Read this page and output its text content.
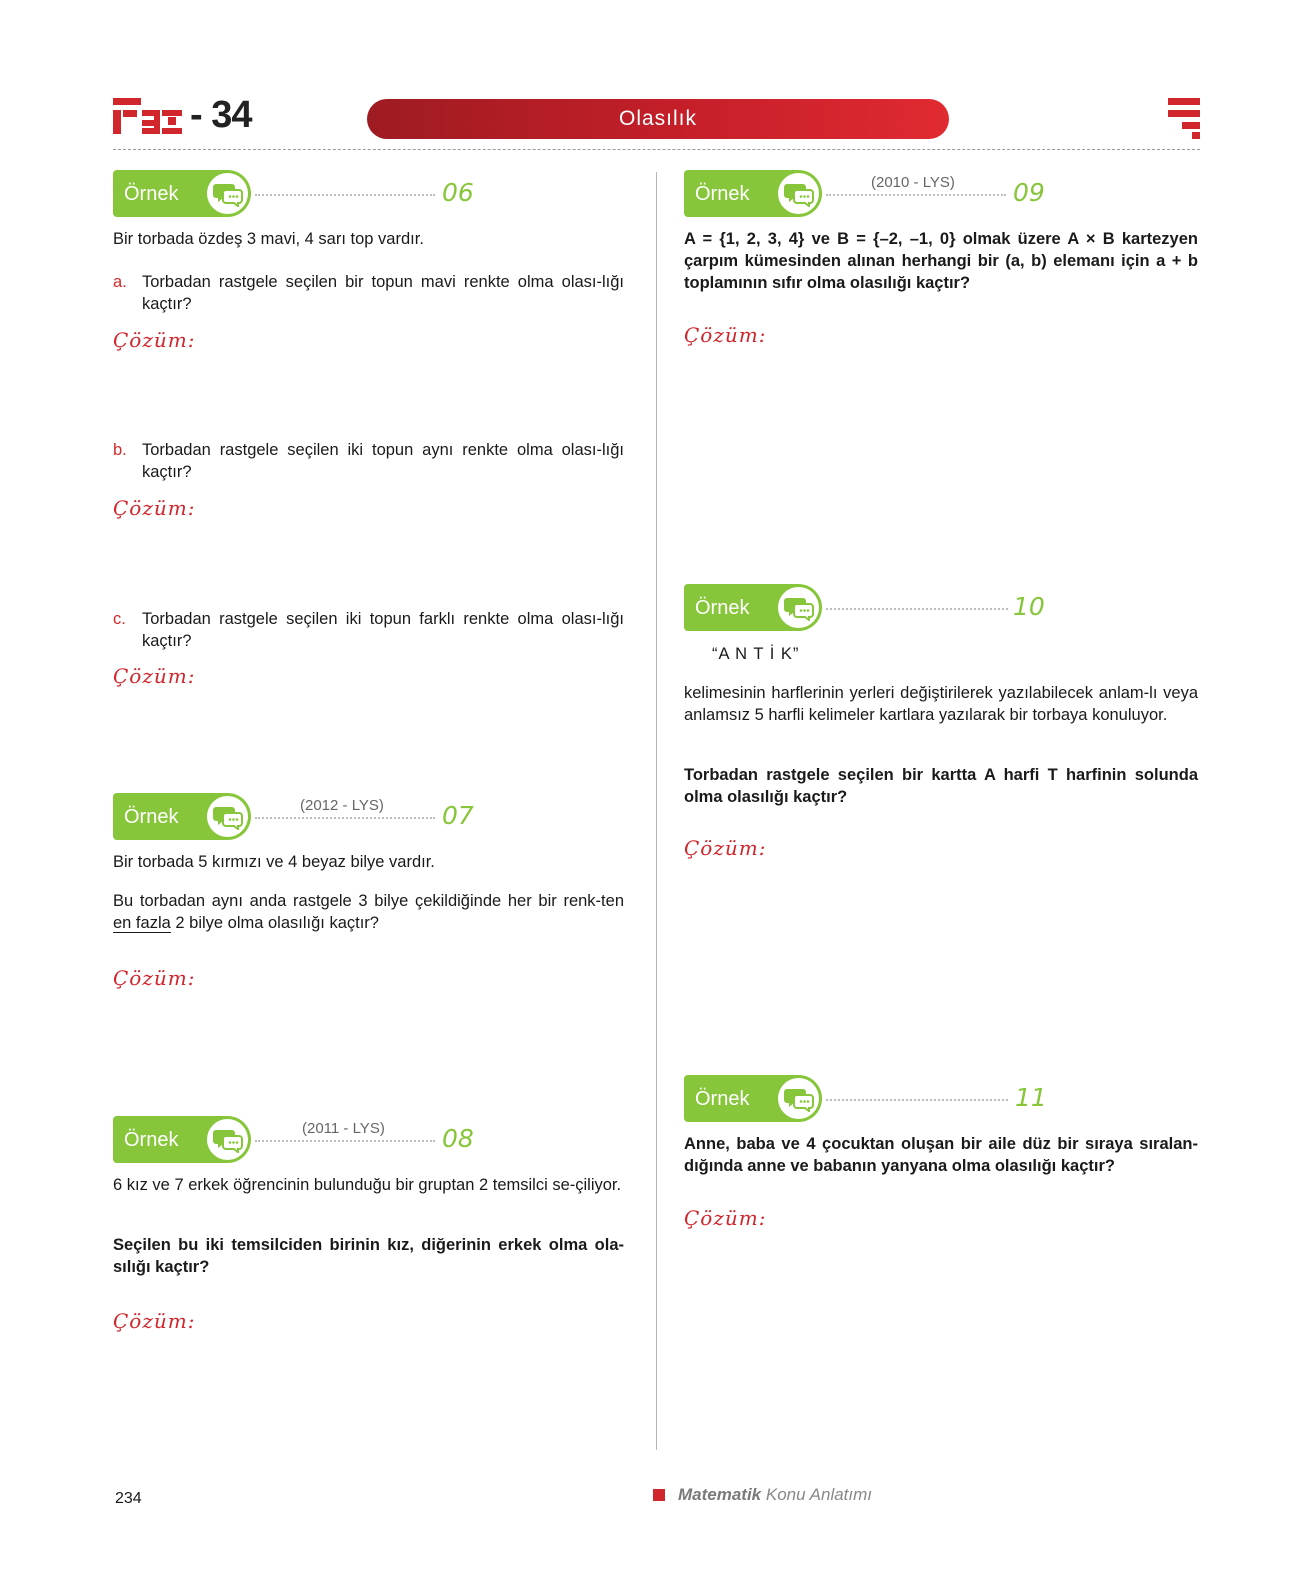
- 34	Olasılık
Örnek	06
Bir torbada özdeş 3 mavi, 4 sarı top vardır.
a. Torbadan rastgele seçilen bir topun mavi renkte olma olası-lığı kaçtır?
Çözüm:
b. Torbadan rastgele seçilen iki topun aynı renkte olma olası-lığı kaçtır?
Çözüm:
c. Torbadan rastgele seçilen iki topun farklı renkte olma olası-lığı kaçtır?
Çözüm:
Örnek
(2012 - LYS) 07
Bir torbada 5 kırmızı ve 4 beyaz bilye vardır.
Bu torbadan aynı anda rastgele 3 bilye çekildiğinde her bir renk-ten en fazla 2 bilye olma olasılığı kaçtır?
Çözüm:
Örnek
(2011 - LYS) 08
6 kız ve 7 erkek öğrencinin bulunduğu bir gruptan 2 temsilci se-çiliyor.
Seçilen bu iki temsilciden birinin kız, diğerinin erkek olma ola-sılığı kaçtır?
Çözüm:
Örnek
(2010 - LYS) 09
A = {1, 2, 3, 4} ve B = {–2, –1, 0} olmak üzere A × B kartezyen çarpım kümesinden alınan herhangi bir (a, b) elemanı için a + b toplamının sıfır olma olasılığı kaçtır?
Çözüm:
Örnek	10
“A N T İ K”
kelimesinin harflerinin yerleri değiştirilerek yazılabilecek anlam-lı veya anlamsız 5 harfli kelimeler kartlara yazılarak bir torbaya konuluyor.
Torbadan rastgele seçilen bir kartta A harfi T harfinin solunda olma olasılığı kaçtır?
Çözüm:
Örnek	11
Anne, baba ve 4 çocuktan oluşan bir aile düz bir sıraya sıralan-dığında anne ve babanın yanyana olma olasılığı kaçtır?
Çözüm:
234	Matematik Konu Anlatımı
